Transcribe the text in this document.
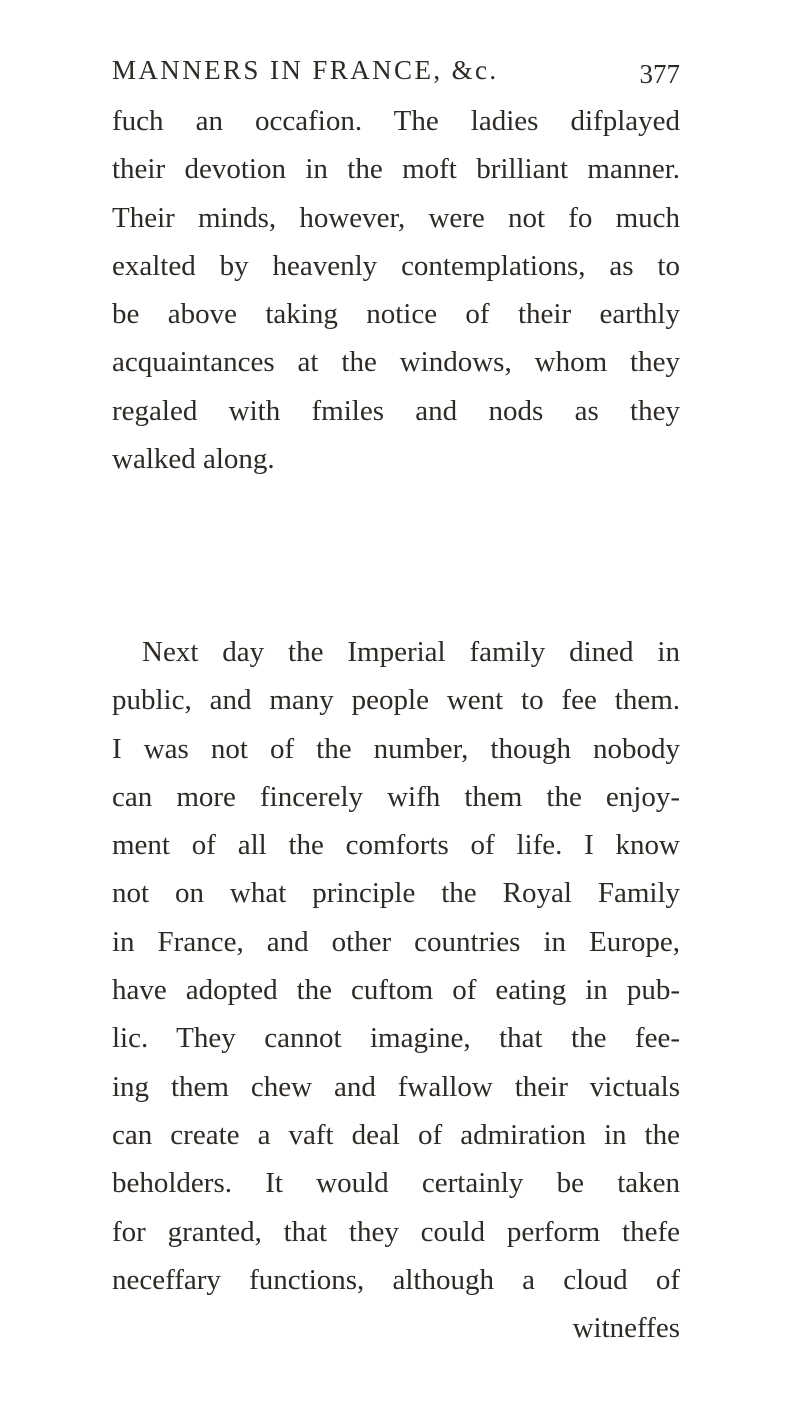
MANNERS IN FRANCE, &c.	377
fuch an occafion. The ladies difplayed
their devotion in the moft brilliant manner.
Their minds, however, were not fo much
exalted by heavenly contemplations, as to
be above taking notice of their earthly
acquaintances at the windows, whom they
regaled with fmiles and nods as they
walked along.
Next day the Imperial family dined in
public, and many people went to fee them.
I was not of the number, though nobody
can more fincerely wifh them the enjoy-
ment of all the comforts of life. I know
not on what principle the Royal Family
in France, and other countries in Europe,
have adopted the cuftom of eating in pub-
lic. They cannot imagine, that the fee-
ing them chew and fwallow their victuals
can create a vaft deal of admiration in the
beholders. It would certainly be taken
for granted, that they could perform thefe
neceffary functions, although a cloud of
witneffes
